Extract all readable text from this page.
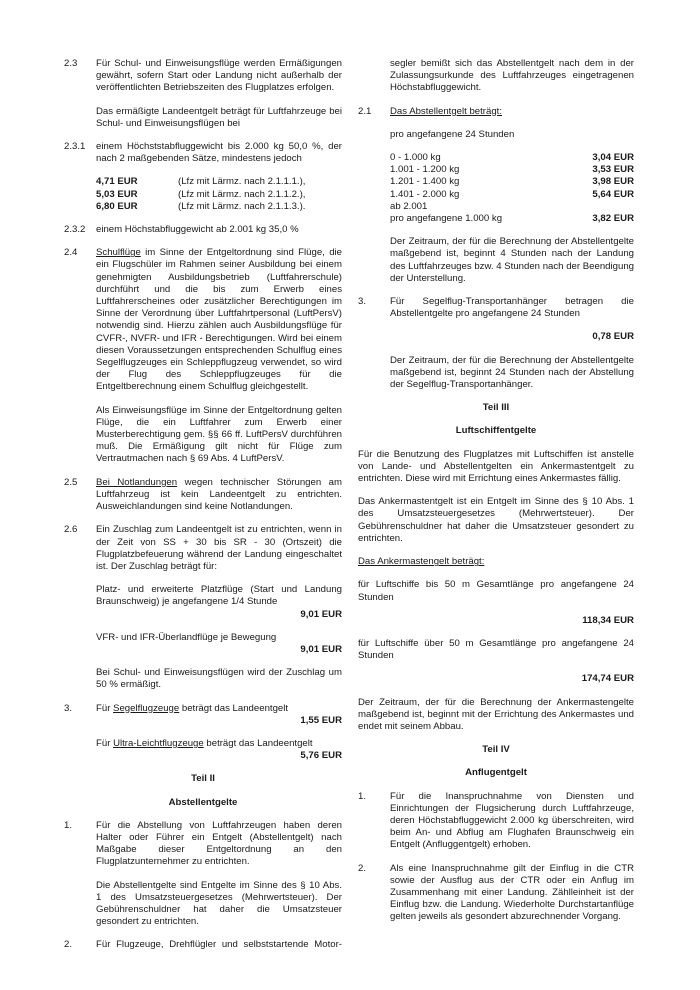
2.3	Für Schul- und Einweisungsflüge werden Ermäßigungen gewährt, sofern Start oder Landung nicht außerhalb der veröffentlichten Betriebszeiten des Flugplatzes erfolgen.

Das ermäßigte Landeentgelt beträgt für Luftfahrzeuge bei Schul- und Einweisungsflügen bei

2.3.1	einem Höchststabfluggewicht bis 2.000 kg 50,0 %, der nach 2 maßgebenden Sätze, mindestens jedoch

4,71 EUR	(Lfz mit Lärmz. nach 2.1.1.1.),
5,03 EUR	(Lfz mit Lärmz. nach 2.1.1.2.),
6,80 EUR	(Lfz mit Lärmz. nach 2.1.1.3.).
2.3.2	einem Höchstabfluggewicht ab 2.001 kg 35,0 %
2.4	Schulflüge im Sinne der Entgeltordnung sind Flüge, die ein Flugschüler im Rahmen seiner Ausbildung bei einem genehmigten Ausbildungsbetrieb (Luftfahrerschule) durchführt und die bis zum Erwerb eines Luftfahrerscheines oder zusätzlicher Berechtigungen im Sinne der Verordnung über Luftfahrtpersonal (LuftPersV) notwendig sind. Hierzu zählen auch Ausbildungsflüge für CVFR-, NVFR- und IFR - Berechtigungen. Wird bei einem diesen Voraussetzungen entsprechenden Schulflug eines Segelflugzeuges ein Schleppflugzeug verwendet, so wird der Flug des Schleppflugzeuges für die Entgeltberechnung einem Schulflug gleichgestellt.

Als Einweisungsflüge im Sinne der Entgeltordnung gelten Flüge, die ein Luftfahrer zum Erwerb einer Musterberechtigung gem. §§ 66 ff. LuftPersV durchführen muß. Die Ermäßigung gilt nicht für Flüge zum Vertrautmachen nach § 69 Abs. 4 LuftPersV.

2.5	Bei Notlandungen wegen technischer Störungen am Luftfahrzeug ist kein Landeentgelt zu entrichten. Ausweichlandungen sind keine Notlandungen.
2.6	Ein Zuschlag zum Landeentgelt ist zu entrichten, wenn in der Zeit von SS + 30 bis SR - 30 (Ortszeit) die Flugplatzbefeuerung während der Landung eingeschaltet ist. Der Zuschlag beträgt für:

Platz- und erweiterte Platzflüge (Start und Landung Braunschweig) je angefangene 1/4 Stunde

9,01 EUR

VFR- und IFR-Überlandflüge je Bewegung

9,01 EUR

Bei Schul- und Einweisungsflügen wird der Zuschlag um 50 % ermäßigt.

3.	Für Segelflugzeuge beträgt das Landeentgelt
1,55 EUR
Für Ultra-Leichtflugzeuge beträgt das Landeentgelt
5,76 EUR
Teil II
Abstellentgelte
1.	Für die Abstellung von Luftfahrzeugen haben deren Halter oder Führer ein Entgelt (Abstellentgelt) nach Maßgabe dieser Entgeltordnung an den Flugplatzunternehmer zu entrichten.

Die Abstellentgelte sind Entgelte im Sinne des § 10 Abs. 1 des Umsatzsteuergesetzes (Mehrwertsteuer). Der Gebührenschuldner hat daher die Umsatzsteuer gesondert zu entrichten.

2.	Für Flugzeuge, Drehflügler und selbststartende Motor-

segler bemißt sich das Abstellentgelt nach dem in der Zulassungsurkunde des Luftfahrzeuges eingetragenen Höchstabfluggewicht.

2.1	Das Abstellentgelt beträgt:

pro angefangene 24 Stunden

0 - 1.000 kg	3,04 EUR
1.001 - 1.200 kg	3,53 EUR
1.201 - 1.400 kg	3,98 EUR
1.401 - 2.000 kg	5,64 EUR
ab 2.001
pro angefangene 1.000 kg	3,82 EUR

Der Zeitraum, der für die Berechnung der Abstellentgelte maßgebend ist, beginnt 4 Stunden nach der Landung des Luftfahrzeuges bzw. 4 Stunden nach der Beendigung der Unterstellung.

3.	Für Segelflug-Transportanhänger betragen die Abstellentgelte pro angefangene 24 Stunden

0,78 EUR

Der Zeitraum, der für die Berechnung der Abstellentgelte maßgebend ist, beginnt 24 Stunden nach der Abstellung der Segelflug-Transportanhänger.

Teil III
Luftschiffentgelte

Für die Benutzung des Flugplatzes mit Luftschiffen ist anstelle von Lande- und Abstellentgelten ein Ankermastentgelt zu entrichten. Diese wird mit Errichtung eines Ankermastes fällig.

Das Ankermastentgelt ist ein Entgelt im Sinne des § 10 Abs. 1 des Umsatzsteuergesetzes (Mehrwertsteuer). Der Gebührenschuldner hat daher die Umsatzsteuer gesondert zu entrichten.

Das Ankermastengelt beträgt:

für Luftschiffe bis 50 m Gesamtlänge pro angefangene 24 Stunden

118,34 EUR

für Luftschiffe über 50 m Gesamtlänge pro angefangene 24 Stunden

174,74 EUR

Der Zeitraum, der für die Berechnung der Ankermastengelte maßgebend ist, beginnt mit der Errichtung des Ankermastes und endet mit seinem Abbau.

Teil IV
Anflugentgelt
1.	Für die Inanspruchnahme von Diensten und Einrichtungen der Flugsicherung durch Luftfahrzeuge, deren Höchstabfluggewicht 2.000 kg überschreiten, wird beim An- und Abflug am Flughafen Braunschweig ein Entgelt (Anfluggentgelt) erhoben.
2.	Als eine Inanspruchnahme gilt der Einflug in die CTR sowie der Ausflug aus der CTR oder ein Anflug im Zusammenhang mit einer Landung. Zählleinheit ist der Einflug bzw. die Landung. Wiederholte Durchstartanflüge gelten jeweils als gesondert abzurechnender Vorgang.
